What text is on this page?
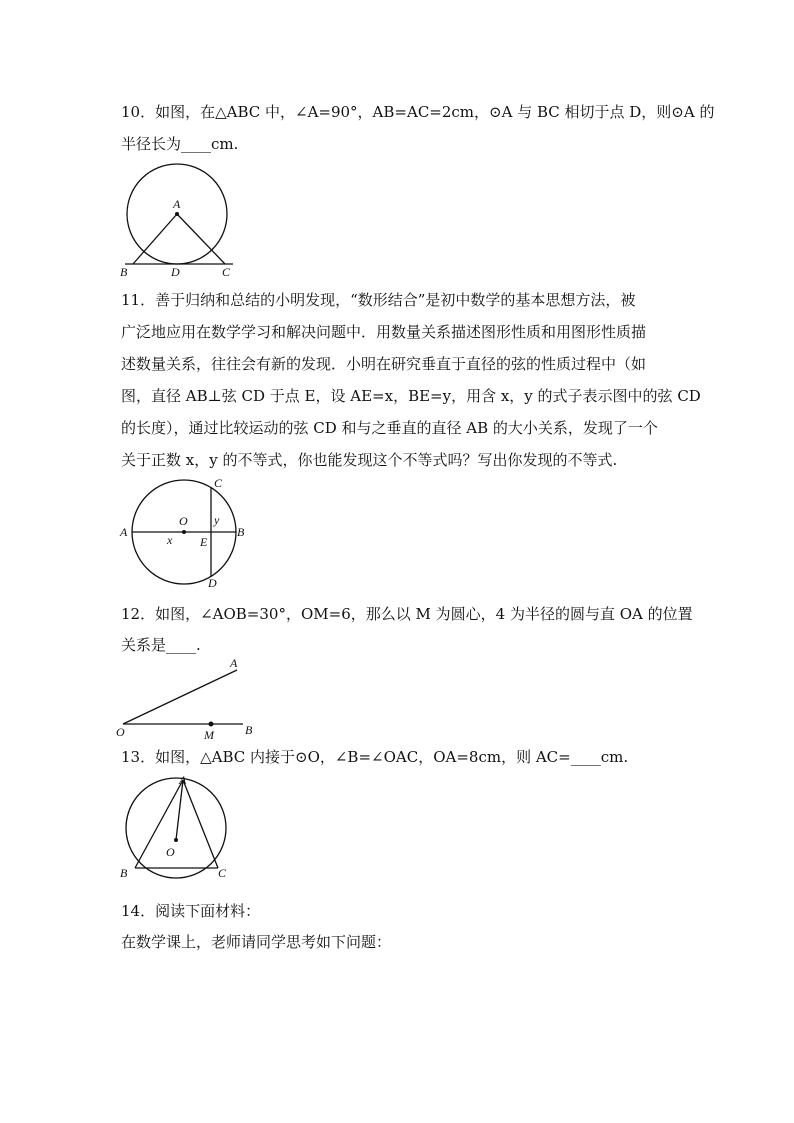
10．如图，在△ABC 中，∠A=90°，AB=AC=2cm，⊙A 与 BC 相切于点 D，则⊙A 的
半径长为____cm.
A
B	D	C
11．善于归纳和总结的小明发现，“数形结合”是初中数学的基本思想方法，被
广泛地应用在数学学习和解决问题中．用数量关系描述图形性质和用图形性质描
述数量关系，往往会有新的发现．小明在研究垂直于直径的弦的性质过程中（如
图，直径 AB⊥弦 CD 于点 E，设 AE=x，BE=y，用含 x，y 的式子表示图中的弦 CD
的长度），通过比较运动的弦 CD 和与之垂直的直径 AB 的大小关系，发现了一个
关于正数 x，y 的不等式，你也能发现这个不等式吗？写出你发现的不等式.
A	B
C
D
O
E
x
y
12．如图，∠AOB=30°，OM=6，那么以 M 为圆心，4 为半径的圆与直 OA 的位置
关系是____.
A
B
O	M
13．如图，△ABC 内接于⊙O，∠B=∠OAC，OA=8cm，则 AC=____cm.
A
B	C
O
14．阅读下面材料：
在数学课上，老师请同学思考如下问题：
